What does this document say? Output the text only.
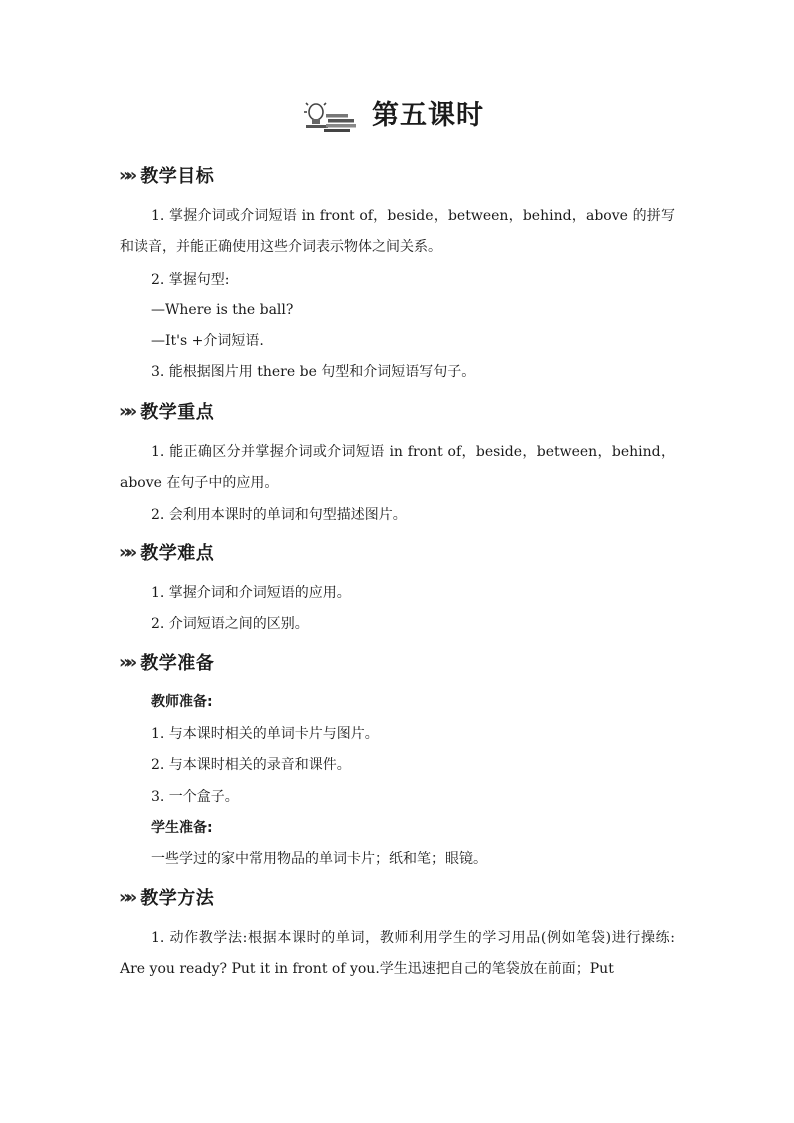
第五课时
»» 教学目标
1. 掌握介词或介词短语 in front of，beside，between，behind，above 的拼写和读音，并能正确使用这些介词表示物体之间关系。
2. 掌握句型:
—Where is the ball?
—It's +介词短语.
3. 能根据图片用 there be 句型和介词短语写句子。
»» 教学重点
1. 能正确区分并掌握介词或介词短语 in front of，beside，between，behind，above 在句子中的应用。
2. 会利用本课时的单词和句型描述图片。
»» 教学难点
1. 掌握介词和介词短语的应用。
2. 介词短语之间的区别。
»» 教学准备
教师准备:
1. 与本课时相关的单词卡片与图片。
2. 与本课时相关的录音和课件。
3. 一个盒子。
学生准备:
一些学过的家中常用物品的单词卡片；纸和笔；眼镜。
»» 教学方法
1. 动作教学法:根据本课时的单词，教师利用学生的学习用品(例如笔袋)进行操练: Are you ready? Put it in front of you.学生迅速把自己的笔袋放在前面；Put
